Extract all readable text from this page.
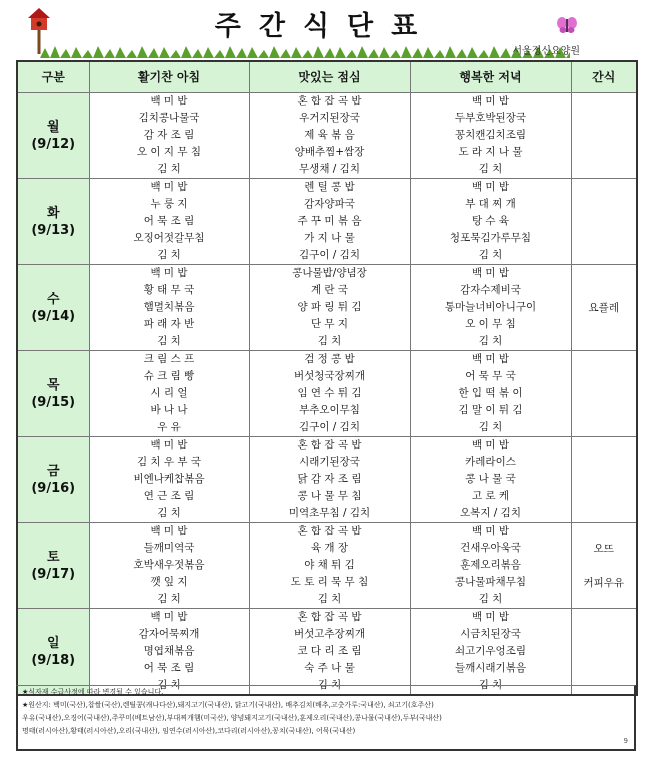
주간식단표
서울정신요양원
구분	활기찬 아침	맛있는 점심	행복한 저녁	간식

월
(9/12)	백 미 밥
김치콩나물국
감 자 조 림
오 이 지 무 침
김 치	혼 합 잡 곡 밥
우거지된장국
제 육 볶 음
양배추찜+쌈장
무생채 / 김치	백 미 밥
두부호박된장국
꽁치캔김치조림
도 라 지 나 물
김 치	

화
(9/13)	백 미 밥
누 룽 지
어 묵 조 림
오징어젓갈무침
김 치	렌 틸 콩 밥
감자양파국
주 꾸 미 볶 음
가 지 나 물
김구이 / 김치	백 미 밥
부 대 찌 개
탕 수 육
청포묵김가루무침
김 치	

수
(9/14)	백 미 밥
황 태 무 국
햄멸치볶음
파 래 자 반
김 치	콩나물밥/양념장
계 란 국
양 파 링 튀 김
단 무 지
김 치	백 미 밥
감자수제비국
통마늘너비아니구이
오 이 무 침
김 치	요플레

목
(9/15)	크 림 스 프
슈 크 림 빵
시 리 얼
바 나 나
우 유	검 정 콩 밥
버섯청국장찌개
임 연 수 튀 김
부추오이무침
김구이 / 김치	백 미 밥
어 묵 무 국
한 입 떡 볶 이
김 말 이 튀 김
김 치	

금
(9/16)	백 미 밥
김 치 우 부 국
비엔나케찹볶음
연 근 조 림
김 치	혼 합 잡 곡 밥
시래기된장국
닭 감 자 조 림
콩 나 물 무 침
미역초무침 / 김치	백 미 밥
카레라이스
콩 나 물 국
고 로 케
오복지 / 김치	

토
(9/17)	백 미 밥
들깨미역국
호박새우젓볶음
깻 잎 지
김 치	혼 합 잡 곡 밥
육 개 장
야 채 튀 김
도 토 리 묵 무 침
김 치	백 미 밥
건새우아욱국
훈제오리볶음
콩나물파채무침
김 치	오뜨
커피우유

일
(9/18)	백 미 밥
감자어묵찌개
명엽채볶음
어 묵 조 림
김 치	혼 합 잡 곡 밥
버섯고추장찌개
코 다 리 조 림
숙 주 나 물
김 치	백 미 밥
시금치된장국
쇠고기우엉조림
들깨시래기볶음
김 치	

★식자재 수급사정에 따라 변경될 수 있습니다.
★원산지: 백미(국산),찹쌀(국산),렌틸콩(캐나다산),돼지고기(국내산), 닭고기(국내산), 배추김치(배추,고춧가루:국내산), 쇠고기(호주산)
우유(국내산),오징어(국내산),주꾸미(베트남산),부대찌개햄(미국산), 양념돼지고기(국내산),훈제오리(국내산),콩나물(국내산),두부(국내산)
명태(러시아산),황태(러시아산),오리(국내산), 임연수(러시아산),코다리(러시아산),꽁치(국내산), 어묵(국내산)
9
